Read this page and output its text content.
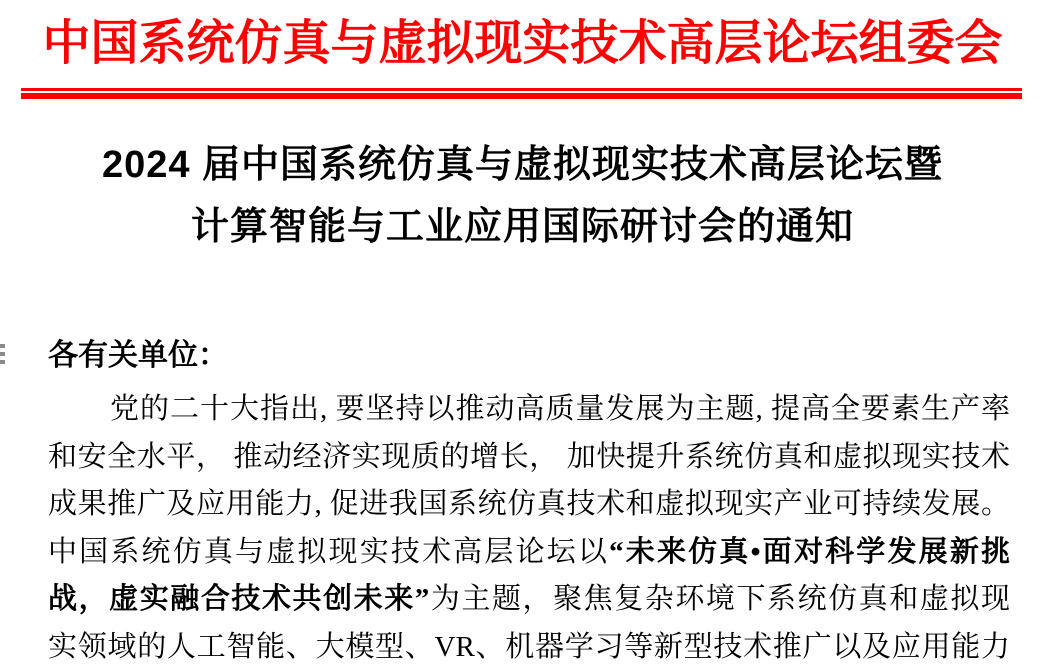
中国系统仿真与虚拟现实技术高层论坛组委会
2024 届中国系统仿真与虚拟现实技术高层论坛暨
计算智能与工业应用国际研讨会的通知
各有关单位：
党的二十大指出, 要坚持以推动高质量发展为主题, 提高全要素生产率
和安全水平， 推动经济实现质的增长， 加快提升系统仿真和虚拟现实技术
成果推广及应用能力, 促进我国系统仿真技术和虚拟现实产业可持续发展。
中国系统仿真与虚拟现实技术高层论坛以“未来仿真•面对科学发展新挑
战，虚实融合技术共创未来”为主题，聚焦复杂环境下系统仿真和虚拟现
实领域的人工智能、大模型、VR、机器学习等新型技术推广以及应用能力
